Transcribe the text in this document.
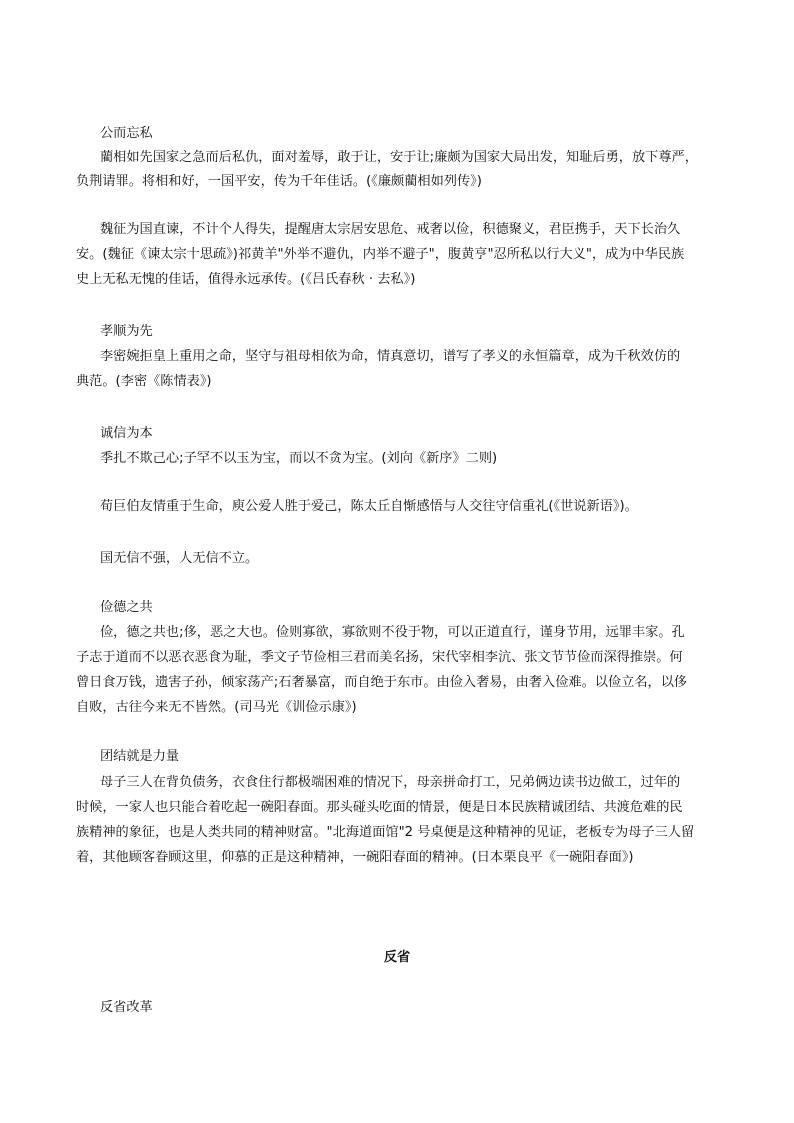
公而忘私
藺相如先国家之急而后私仇，面对羞辱，敢于让，安于让;廉颇为国家大局出发，知耻后勇，放下尊严，
负荆请罪。将相和好，一国平安，传为千年佳话。(《廉颇藺相如列传》)
魏征为国直谏，不计个人得失，提醒唐太宗居安思危、戒奢以俭，积德聚义，君臣携手，天下长治久
安。(魏征《谏太宗十思疏》)祁黄羊"外举不避仇，内举不避子"，腹黄亨"忍所私以行大义"，成为中华民族
史上无私无愧的佳话，值得永远承传。(《吕氏春秋 · 去私》)
孝顺为先
李密婉拒皇上重用之命，坚守与祖母相依为命，情真意切，谱写了孝义的永恒篇章，成为千秋效仿的
典范。(李密《陈情表》)
诚信为本
季扎不欺己心;子罕不以玉为宝，而以不贪为宝。(刘向《新序》二则)
荀巨伯友情重于生命，庾公爱人胜于爱己，陈太丘自惭感悟与人交往守信重礼(《世说新语》)。
国无信不强，人无信不立。
俭德之共
俭，德之共也;侈，恶之大也。俭则寡欲，寡欲则不役于物，可以正道直行，谨身节用，远罪丰家。孔
子志于道而不以恶衣恶食为耻，季文子节俭相三君而美名扬，宋代宰相李沆、张文节节俭而深得推崇。何
曾日食万钱，遗害子孙，倾家荡产;石奢暴富，而自绝于东市。由俭入奢易，由奢入俭难。以俭立名，以侈
自败，古往今来无不皆然。(司马光《训俭示康》)
团结就是力量
母子三人在背负债务，衣食住行都极端困难的情况下，母亲拼命打工，兄弟俩边读书边做工，过年的
时候，一家人也只能合着吃起一碗阳春面。那头碰头吃面的情景，便是日本民族精诚团结、共渡危难的民
族精神的象征，也是人类共同的精神财富。"北海道面馆"2 号桌便是这种精神的见证，老板专为母子三人留
着，其他顾客眷顾这里，仰慕的正是这种精神，一碗阳春面的精神。(日本栗良平《一碗阳春面》)
反省
反省改革
